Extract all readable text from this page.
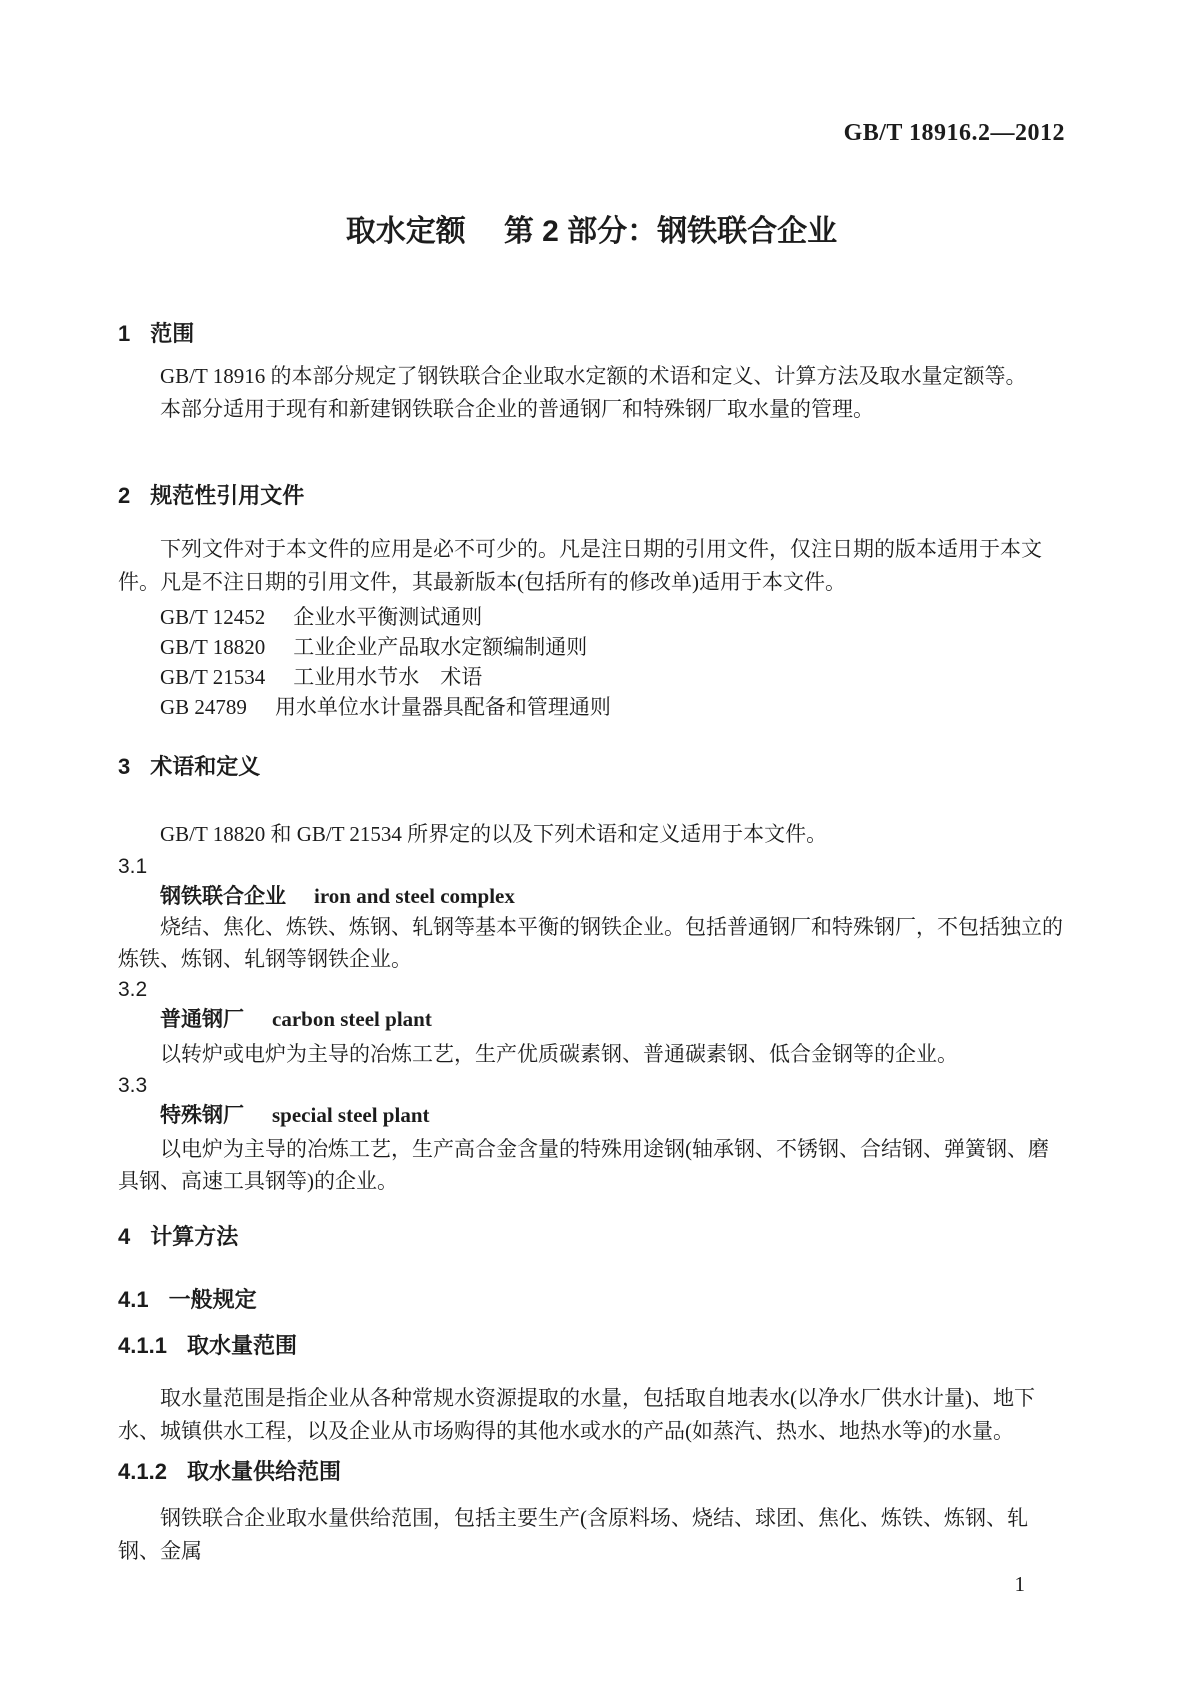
GB/T 18916.2—2012
取水定额 第 2 部分：钢铁联合企业
1 范围

GB/T 18916 的本部分规定了钢铁联合企业取水定额的术语和定义、计算方法及取水量定额等。

本部分适用于现有和新建钢铁联合企业的普通钢厂和特殊钢厂取水量的管理。

2 规范性引用文件

下列文件对于本文件的应用是必不可少的。凡是注日期的引用文件，仅注日期的版本适用于本文件。凡是不注日期的引用文件，其最新版本(包括所有的修改单)适用于本文件。

GB/T 12452 企业水平衡测试通则
GB/T 18820 工业企业产品取水定额编制通则
GB/T 21534 工业用水节水　术语
GB 24789 用水单位水计量器具配备和管理通则
3 术语和定义

GB/T 18820 和 GB/T 21534 所界定的以及下列术语和定义适用于本文件。

3.1
钢铁联合企业 iron and steel complex

烧结、焦化、炼铁、炼钢、轧钢等基本平衡的钢铁企业。包括普通钢厂和特殊钢厂，不包括独立的炼铁、炼钢、轧钢等钢铁企业。

3.2
普通钢厂 carbon steel plant

以转炉或电炉为主导的冶炼工艺，生产优质碳素钢、普通碳素钢、低合金钢等的企业。

3.3
特殊钢厂 special steel plant

以电炉为主导的冶炼工艺，生产高合金含量的特殊用途钢(轴承钢、不锈钢、合结钢、弹簧钢、磨具钢、高速工具钢等)的企业。

4 计算方法
4.1 一般规定
4.1.1 取水量范围

取水量范围是指企业从各种常规水资源提取的水量，包括取自地表水(以净水厂供水计量)、地下水、城镇供水工程，以及企业从市场购得的其他水或水的产品(如蒸汽、热水、地热水等)的水量。

4.1.2 取水量供给范围

钢铁联合企业取水量供给范围，包括主要生产(含原料场、烧结、球团、焦化、炼铁、炼钢、轧钢、金属

1
